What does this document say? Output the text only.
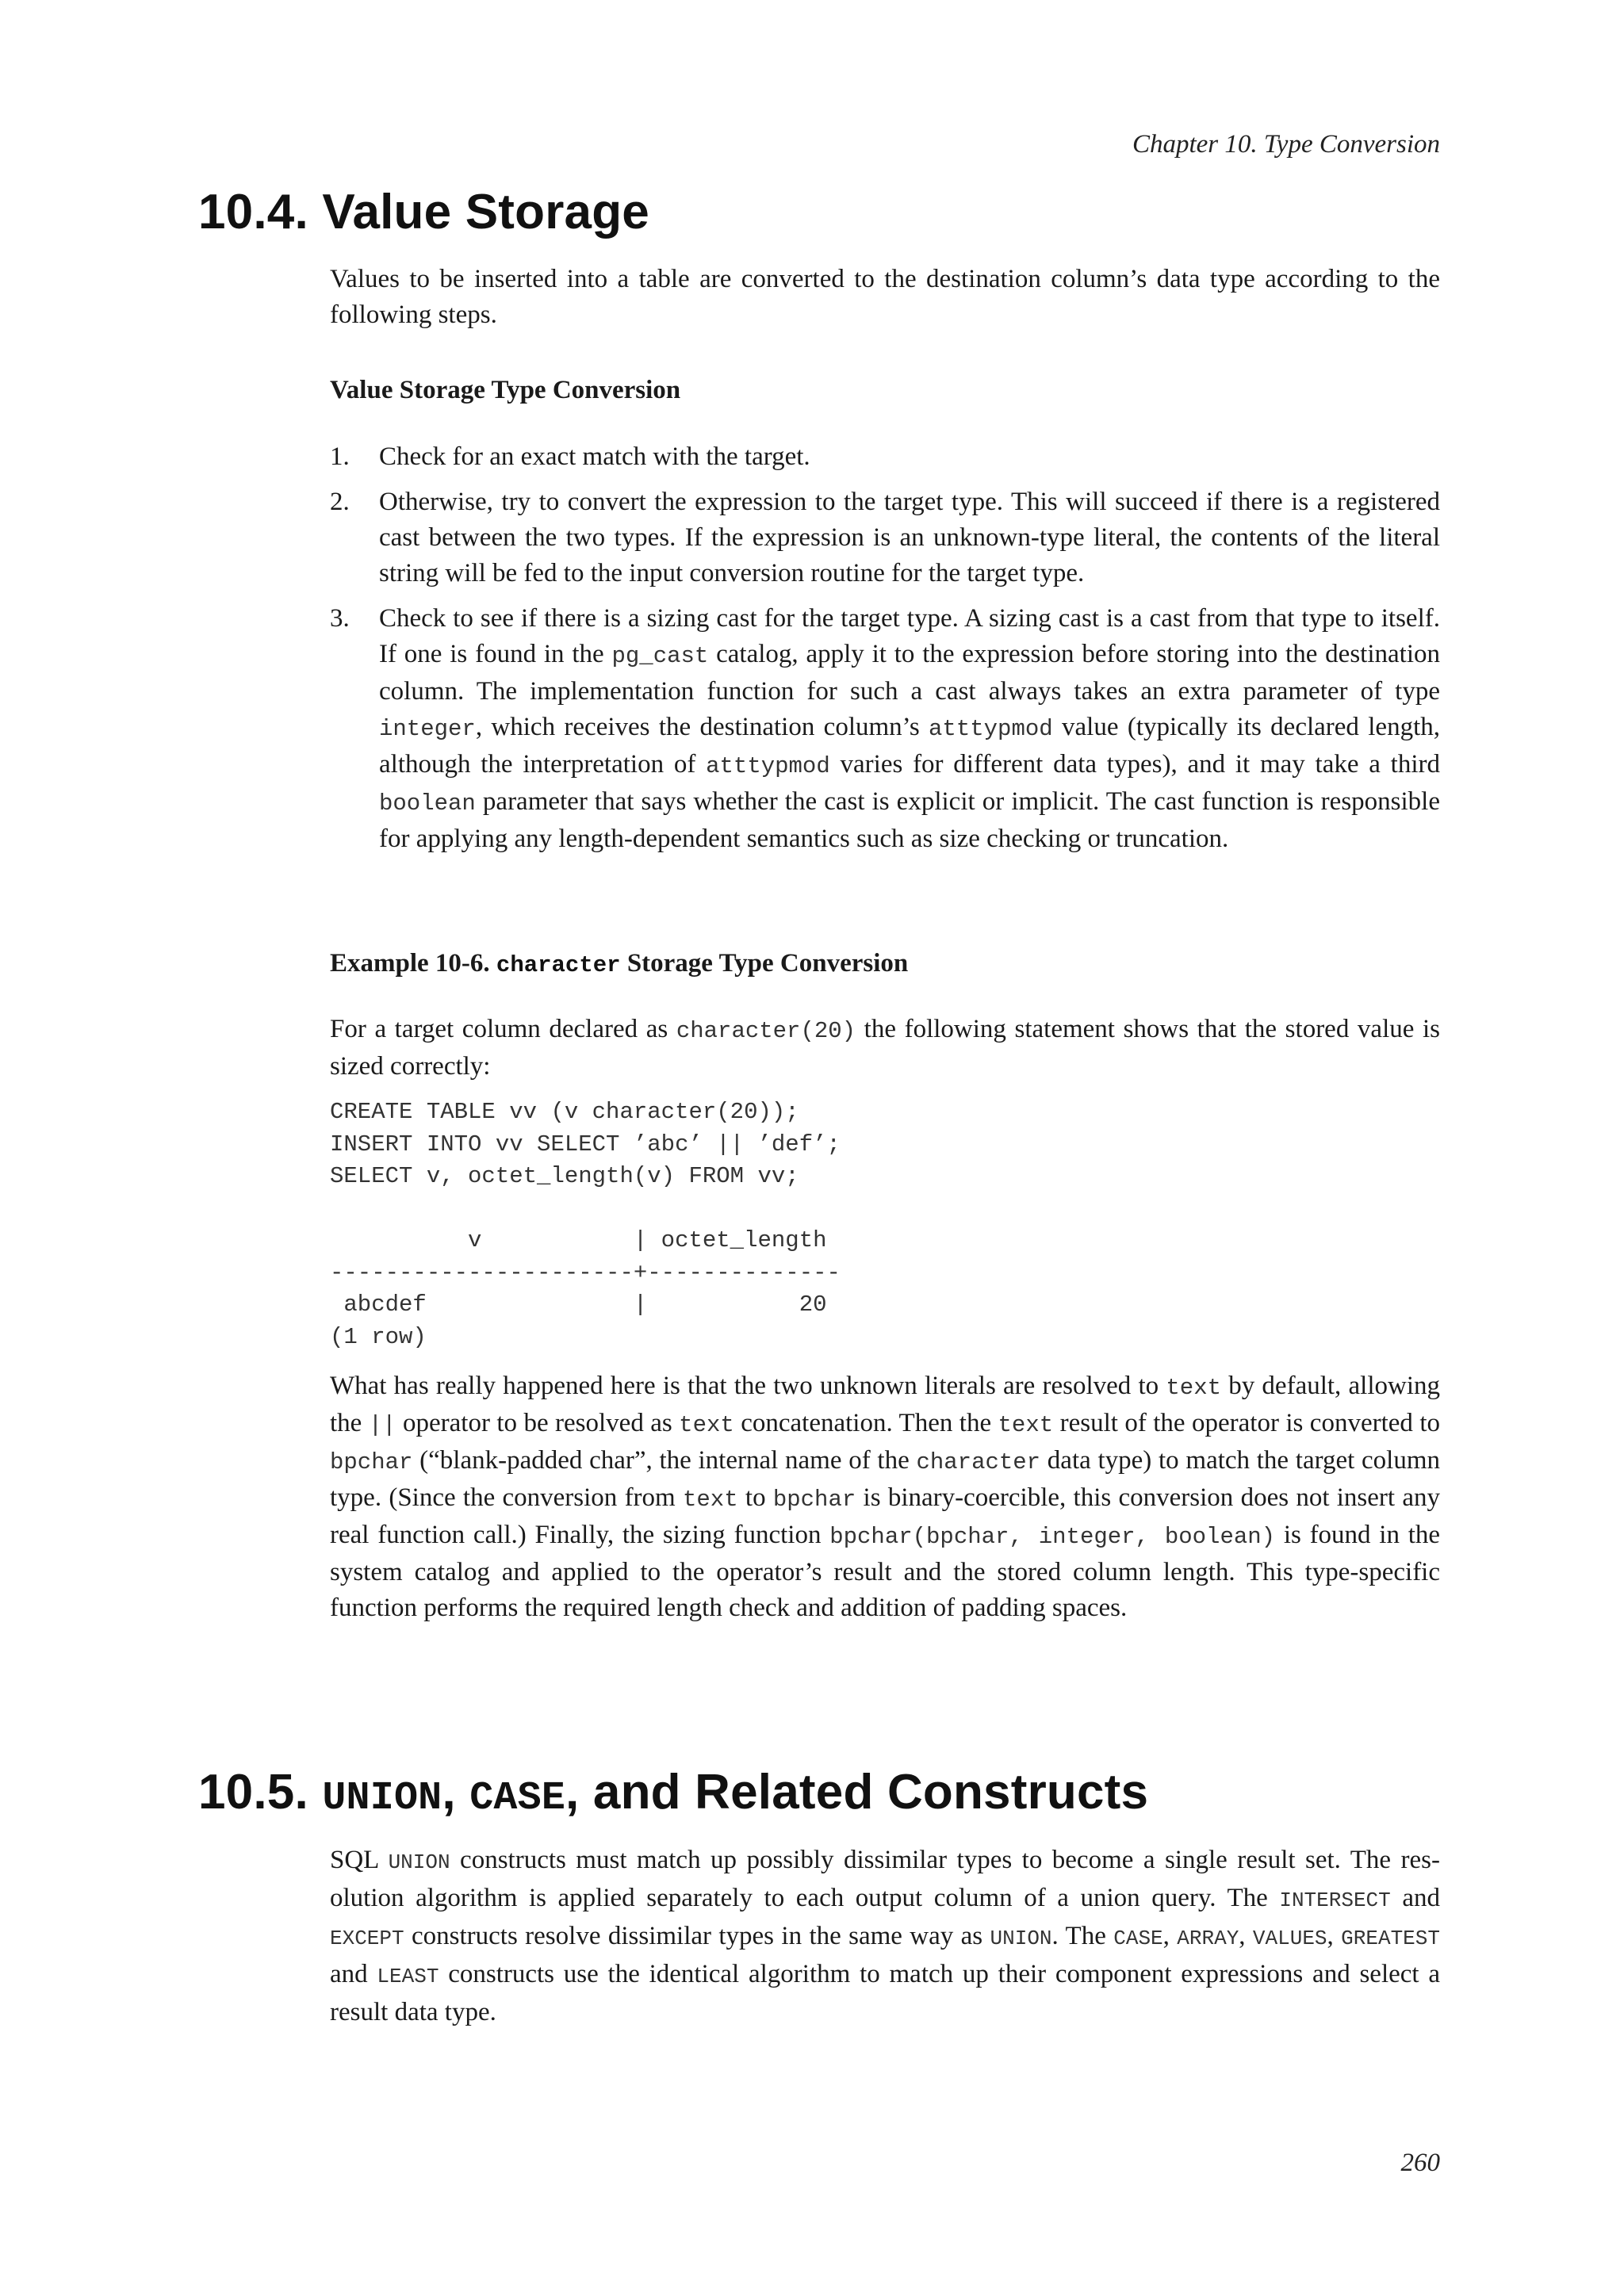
Chapter 10. Type Conversion
10.4. Value Storage

Values to be inserted into a table are converted to the destination column’s data type according to the following steps.

Value Storage Type Conversion

1. Check for an exact match with the target.
2. Otherwise, try to convert the expression to the target type. This will succeed if there is a registered cast between the two types. If the expression is an unknown-type literal, the contents of the literal string will be fed to the input conversion routine for the target type.
3. Check to see if there is a sizing cast for the target type. A sizing cast is a cast from that type to itself. If one is found in the pg_cast catalog, apply it to the expression before storing into the destination column. The implementation function for such a cast always takes an extra parameter of type integer, which receives the destination column’s atttypmod value (typically its declared length, although the interpretation of atttypmod varies for different data types), and it may take a third boolean parameter that says whether the cast is explicit or implicit. The cast function is responsible for applying any length-dependent semantics such as size checking or truncation.

Example 10-6. character Storage Type Conversion

For a target column declared as character(20) the following statement shows that the stored value is sized correctly:

CREATE TABLE vv (v character(20));
INSERT INTO vv SELECT ’abc’ || ’def’;
SELECT v, octet_length(v) FROM vv;

v           | octet_length
----------------------+--------------
abcdef               |           20
(1 row)

What has really happened here is that the two unknown literals are resolved to text by default, allowing the || operator to be resolved as text concatenation. Then the text result of the operator is converted to bpchar (“blank-padded char”, the internal name of the character data type) to match the target column type. (Since the conversion from text to bpchar is binary-coercible, this conversion does not insert any real function call.) Finally, the sizing function bpchar(bpchar, integer, boolean) is found in the system catalog and applied to the operator’s result and the stored column length. This type-specific function performs the required length check and addition of padding spaces.

10.5. UNION, CASE, and Related Constructs

SQL UNION constructs must match up possibly dissimilar types to become a single result set. The resolution algorithm is applied separately to each output column of a union query. The INTERSECT and EXCEPT constructs resolve dissimilar types in the same way as UNION. The CASE, ARRAY, VALUES, GREATEST and LEAST constructs use the identical algorithm to match up their component expressions and select a result data type.

260
